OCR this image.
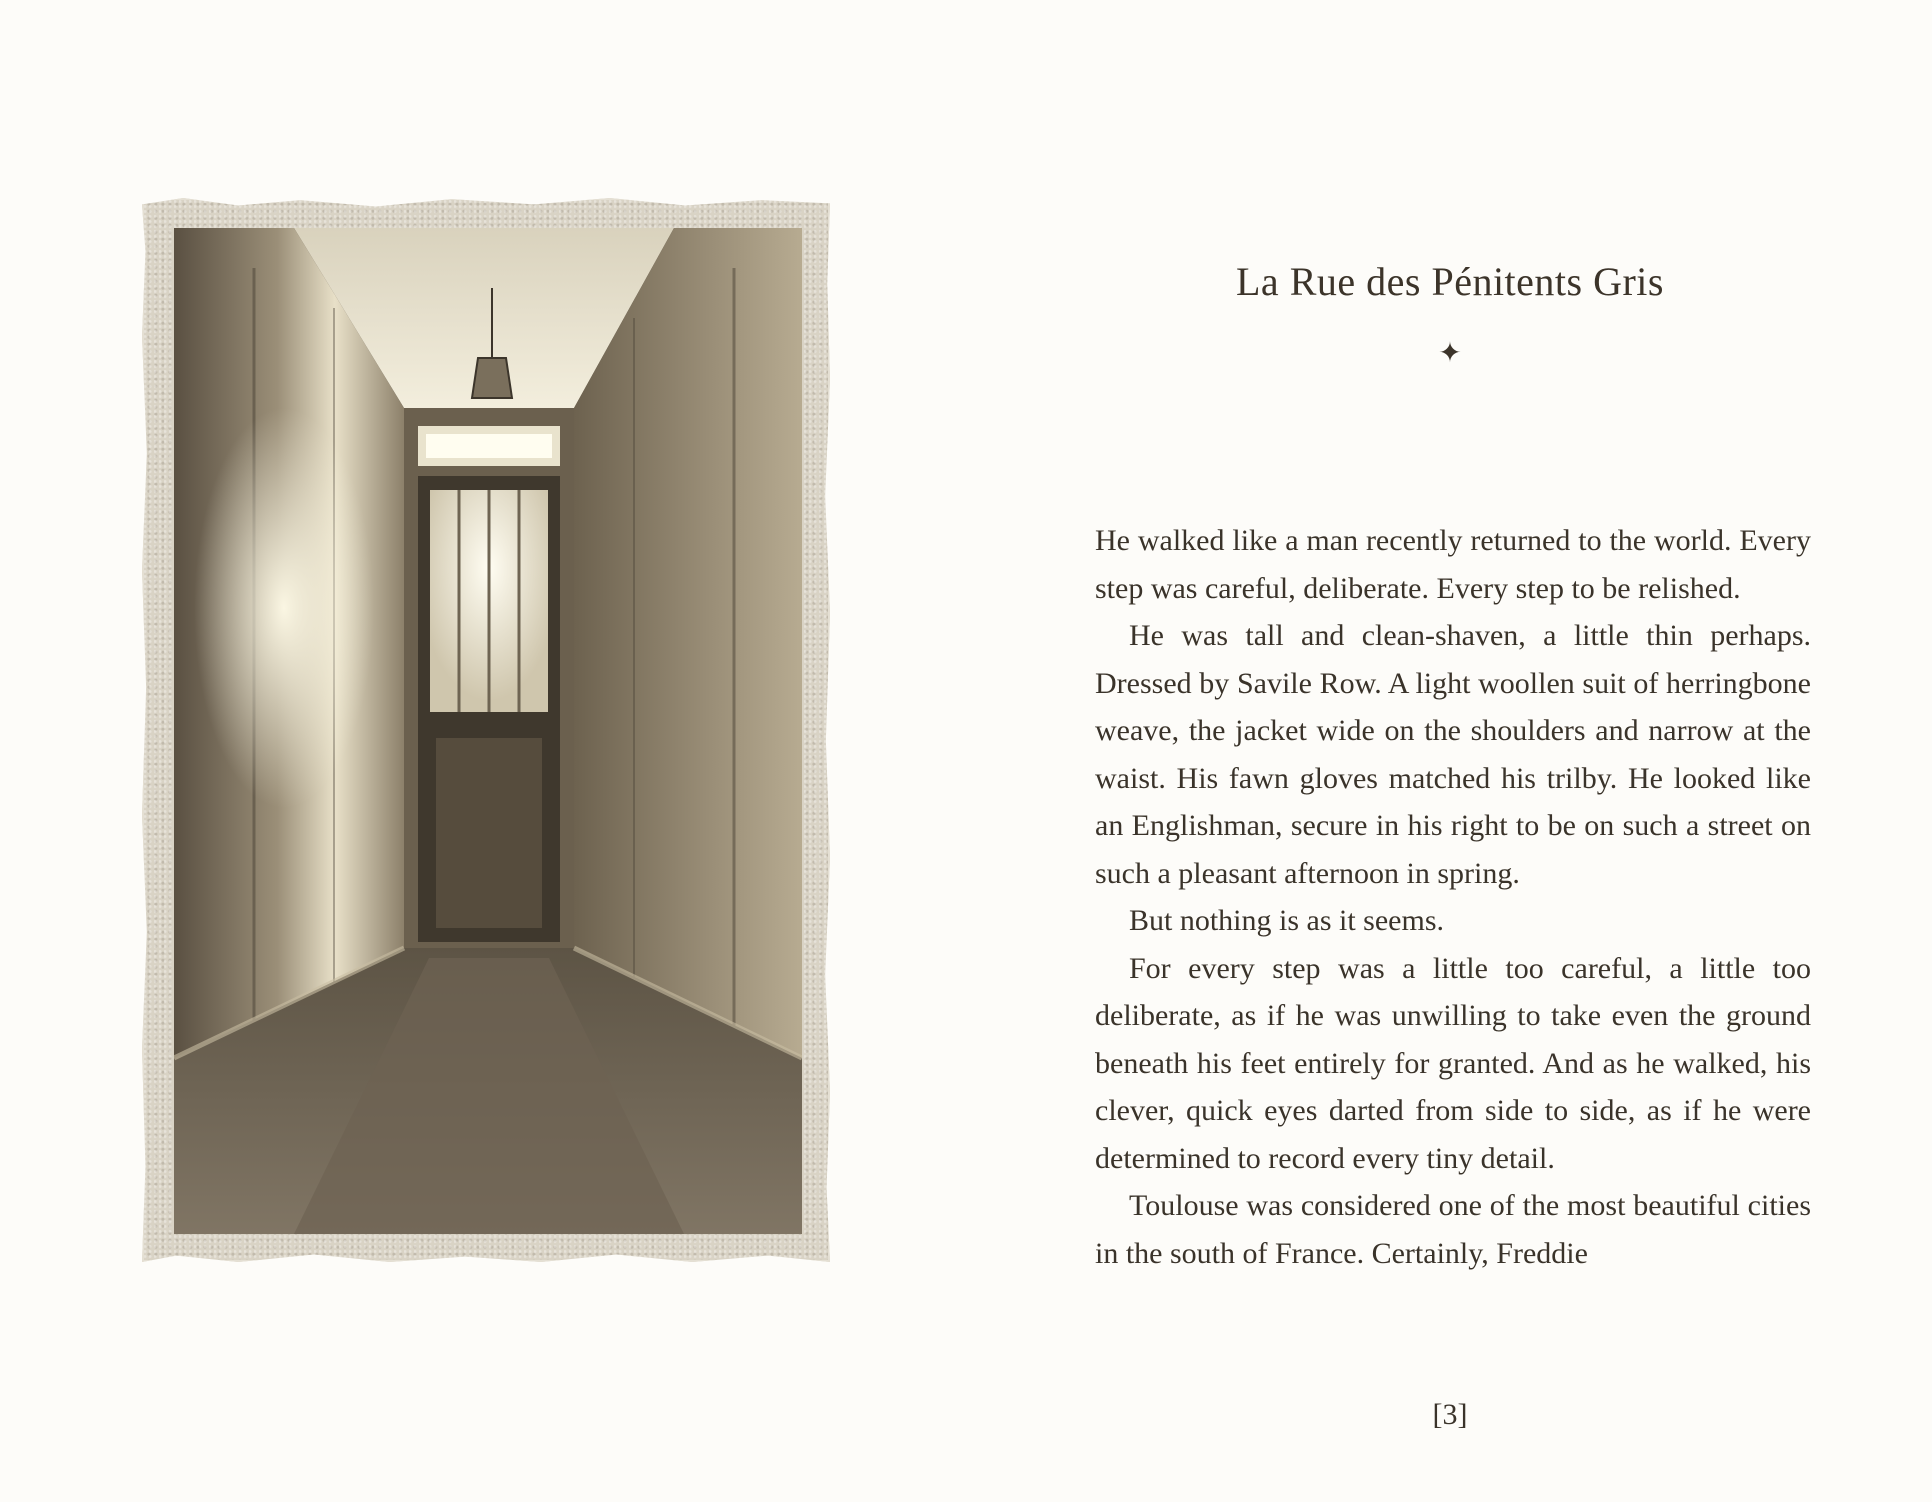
La Rue des Pénitents Gris
✦

He walked like a man recently returned to the world. Every step was careful, deliberate. Every step to be relished.

He was tall and clean-shaven, a little thin perhaps. Dressed by Savile Row. A light woollen suit of herringbone weave, the jacket wide on the shoulders and narrow at the waist. His fawn gloves matched his trilby. He looked like an Englishman, secure in his right to be on such a street on such a pleasant afternoon in spring.

But nothing is as it seems.

For every step was a little too careful, a little too deliberate, as if he was unwilling to take even the ground beneath his feet entirely for granted. And as he walked, his clever, quick eyes darted from side to side, as if he were determined to record every tiny detail.

Toulouse was considered one of the most beautiful cities in the south of France. Certainly, Freddie

[3]
